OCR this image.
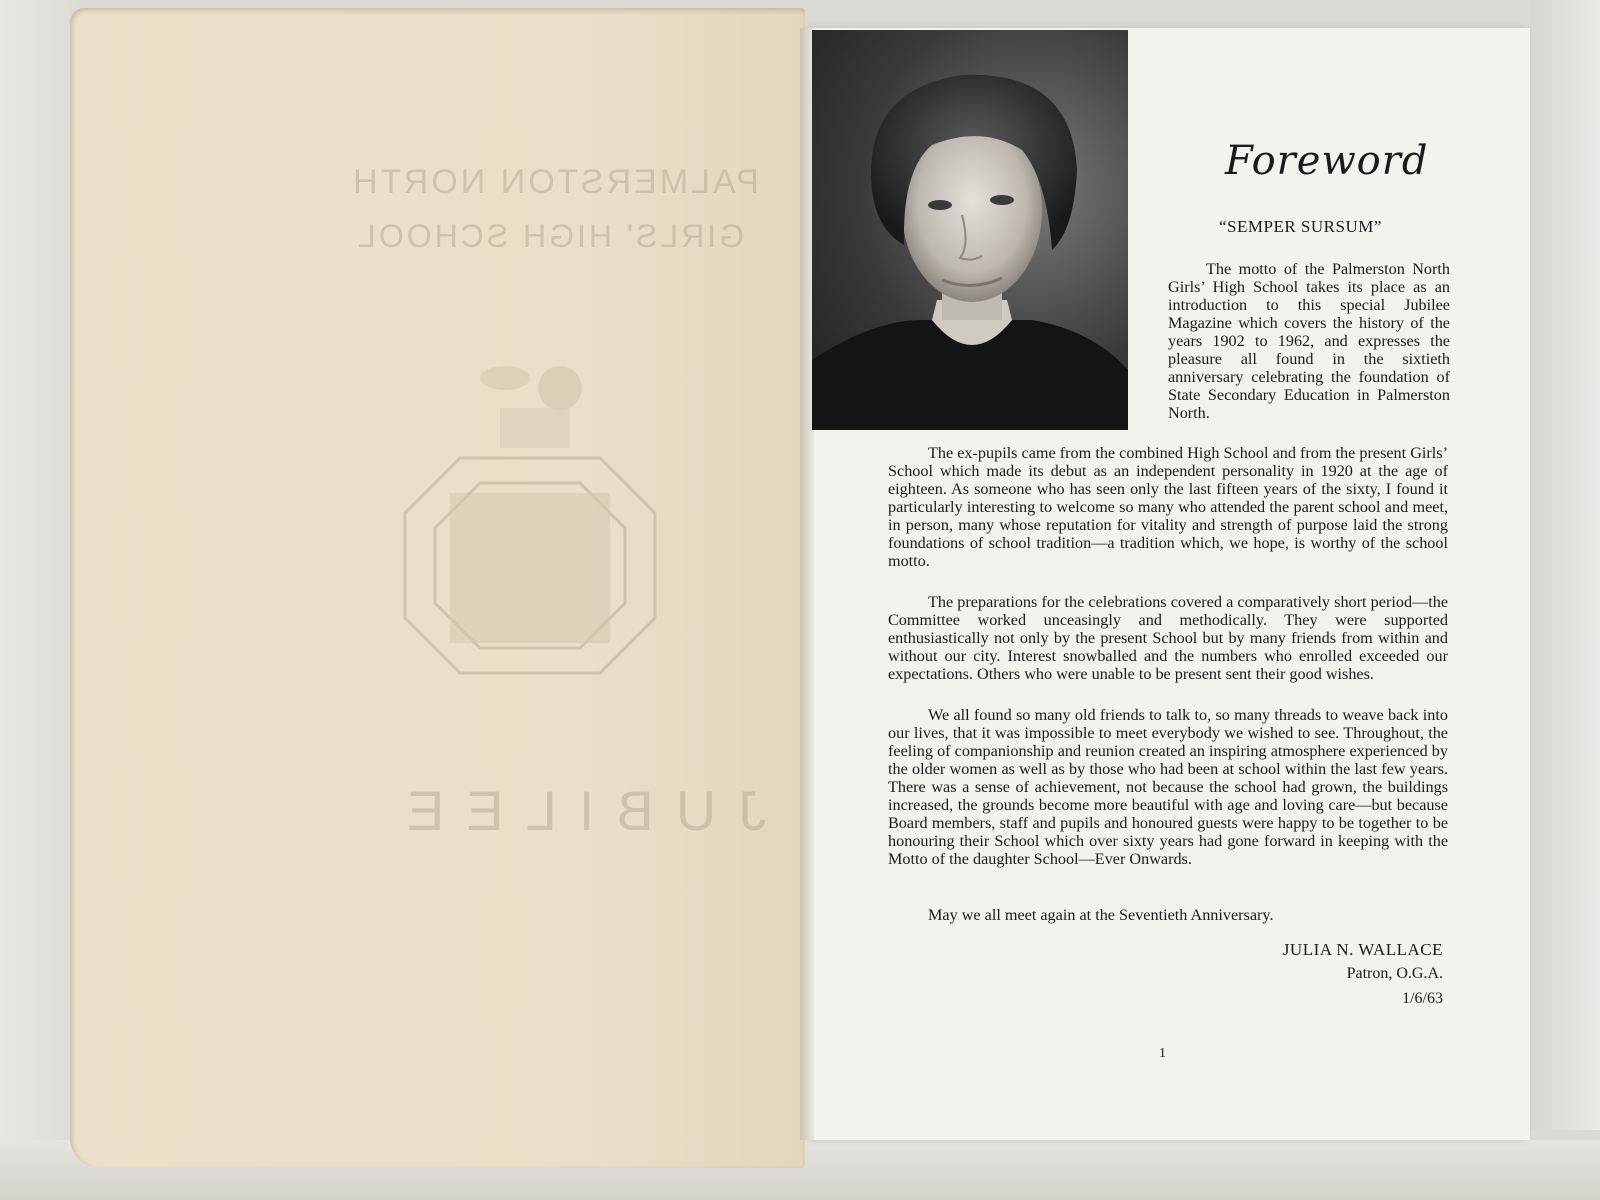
PALMERSTON NORTH
GIRLS' HIGH SCHOOL
JUBILEE
Foreword
“SEMPER SURSUM”

The motto of the Palmerston North Girls’ High School takes its place as an introduction to this special Jubilee Magazine which covers the history of the years 1902 to 1962, and expresses the pleasure all found in the sixtieth anniversary celebrating the foundation of State Secondary Education in Palmerston North.

The ex-pupils came from the combined High School and from the present Girls’ School which made its debut as an independent personality in 1920 at the age of eighteen. As someone who has seen only the last fifteen years of the sixty, I found it particularly interesting to welcome so many who attended the parent school and meet, in person, many whose reputation for vitality and strength of purpose laid the strong foundations of school tradition—a tradition which, we hope, is worthy of the school motto.

The preparations for the celebrations covered a comparatively short period—the Committee worked unceasingly and methodically. They were supported enthusiastically not only by the present School but by many friends from within and without our city. Interest snowballed and the numbers who enrolled exceeded our expectations. Others who were unable to be present sent their good wishes.

We all found so many old friends to talk to, so many threads to weave back into our lives, that it was impossible to meet everybody we wished to see. Throughout, the feeling of companionship and reunion created an inspiring atmosphere experienced by the older women as well as by those who had been at school within the last few years. There was a sense of achievement, not because the school had grown, the buildings increased, the grounds become more beautiful with age and loving care—but because Board members, staff and pupils and honoured guests were happy to be together to be honouring their School which over sixty years had gone forward in keeping with the Motto of the daughter School—Ever Onwards.

May we all meet again at the Seventieth Anniversary.

JULIA N. WALLACE
Patron, O.G.A.
1/6/63
1
